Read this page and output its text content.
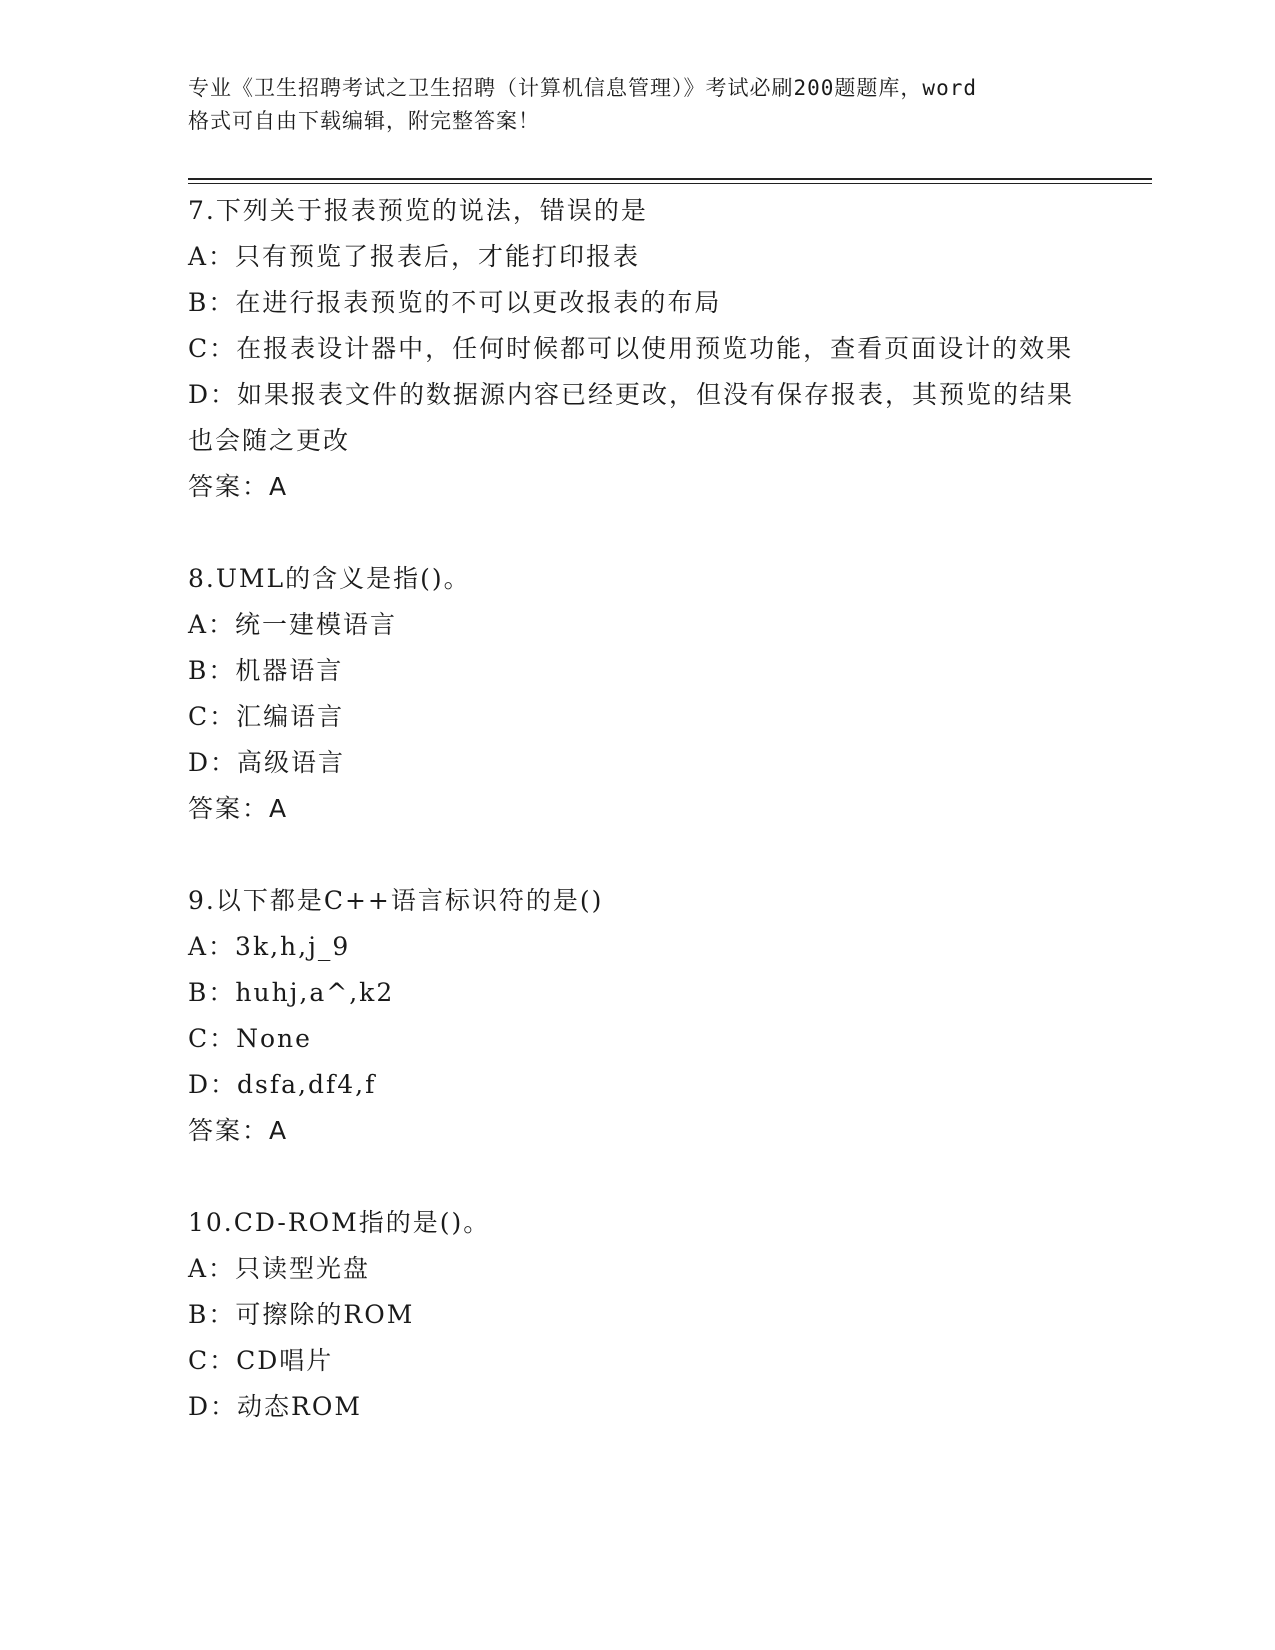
专业《卫生招聘考试之卫生招聘（计算机信息管理）》考试必刷200题题库，word
格式可自由下载编辑，附完整答案！
7.下列关于报表预览的说法，错误的是
A：只有预览了报表后，才能打印报表
B：在进行报表预览的不可以更改报表的布局
C：在报表设计器中，任何时候都可以使用预览功能，查看页面设计的效果
D：如果报表文件的数据源内容已经更改，但没有保存报表，其预览的结果也会随之更改
答案：A
8.UML的含义是指()。
A：统一建模语言
B：机器语言
C：汇编语言
D：高级语言
答案：A
9.以下都是C++语言标识符的是()
A：3k,h,j_9
B：huhj,a^,k2
C：None
D：dsfa,df4,f
答案：A
10.CD-ROM指的是()。
A：只读型光盘
B：可擦除的ROM
C：CD唱片
D：动态ROM
